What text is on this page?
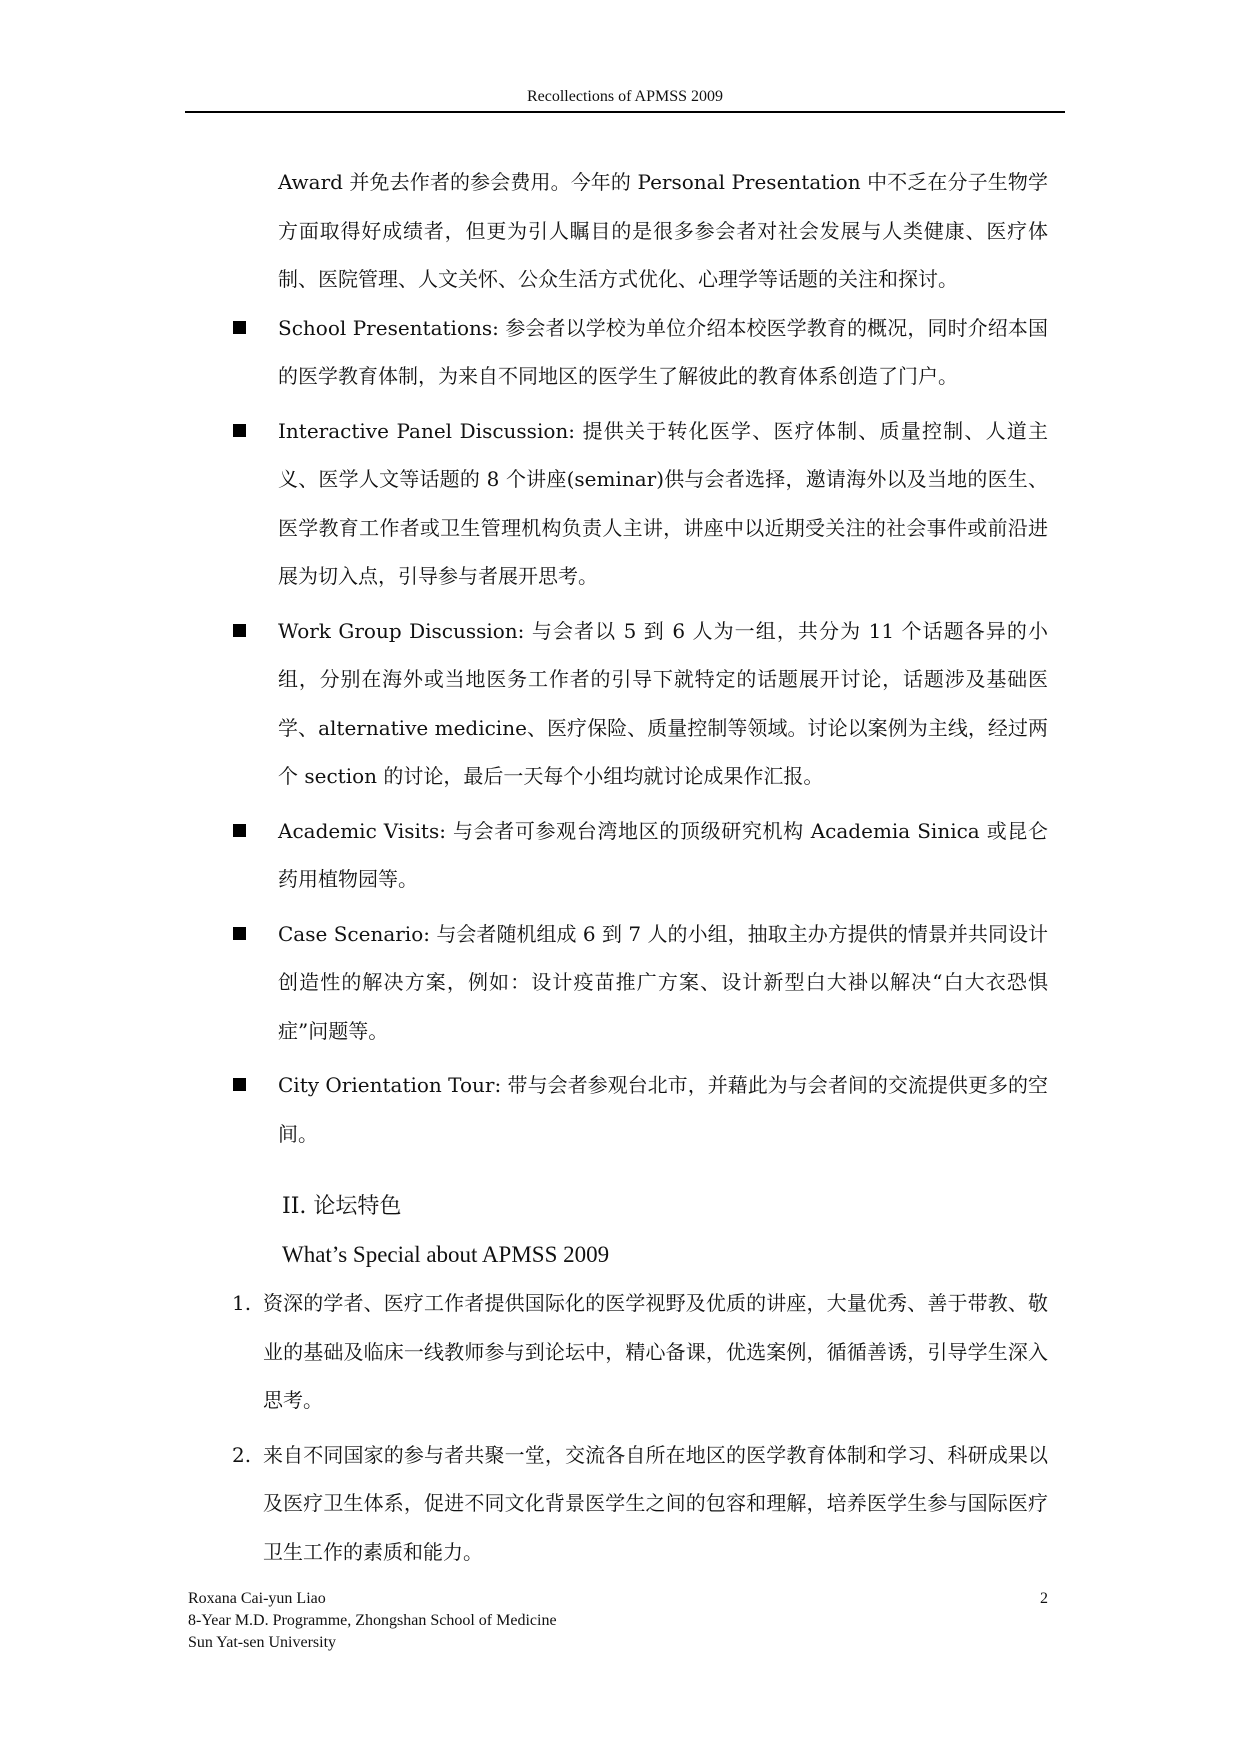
Recollections of APMSS 2009
Award 并免去作者的参会费用。今年的 Personal Presentation 中不乏在分子生物学方面取得好成绩者，但更为引人瞩目的是很多参会者对社会发展与人类健康、医疗体制、医院管理、人文关怀、公众生活方式优化、心理学等话题的关注和探讨。
School Presentations: 参会者以学校为单位介绍本校医学教育的概况，同时介绍本国的医学教育体制，为来自不同地区的医学生了解彼此的教育体系创造了门户。
Interactive Panel Discussion: 提供关于转化医学、医疗体制、质量控制、人道主义、医学人文等话题的 8 个讲座(seminar)供与会者选择，邀请海外以及当地的医生、医学教育工作者或卫生管理机构负责人主讲，讲座中以近期受关注的社会事件或前沿进展为切入点，引导参与者展开思考。
Work Group Discussion: 与会者以 5 到 6 人为一组，共分为 11 个话题各异的小组，分别在海外或当地医务工作者的引导下就特定的话题展开讨论，话题涉及基础医学、alternative medicine、医疗保险、质量控制等领域。讨论以案例为主线，经过两个 section 的讨论，最后一天每个小组均就讨论成果作汇报。
Academic Visits: 与会者可参观台湾地区的顶级研究机构 Academia Sinica 或昆仑药用植物园等。
Case Scenario: 与会者随机组成 6 到 7 人的小组，抽取主办方提供的情景并共同设计创造性的解决方案，例如：设计疫苗推广方案、设计新型白大褂以解决“白大衣恐惧症”问题等。
City Orientation Tour: 带与会者参观台北市，并藉此为与会者间的交流提供更多的空间。
II. 论坛特色
What’s Special about APMSS 2009
1. 资深的学者、医疗工作者提供国际化的医学视野及优质的讲座，大量优秀、善于带教、敬业的基础及临床一线教师参与到论坛中，精心备课，优选案例，循循善诱，引导学生深入思考。
2. 来自不同国家的参与者共聚一堂，交流各自所在地区的医学教育体制和学习、科研成果以及医疗卫生体系，促进不同文化背景医学生之间的包容和理解，培养医学生参与国际医疗卫生工作的素质和能力。
Roxana Cai-yun Liao
8-Year M.D. Programme, Zhongshan School of Medicine
Sun Yat-sen University
2
